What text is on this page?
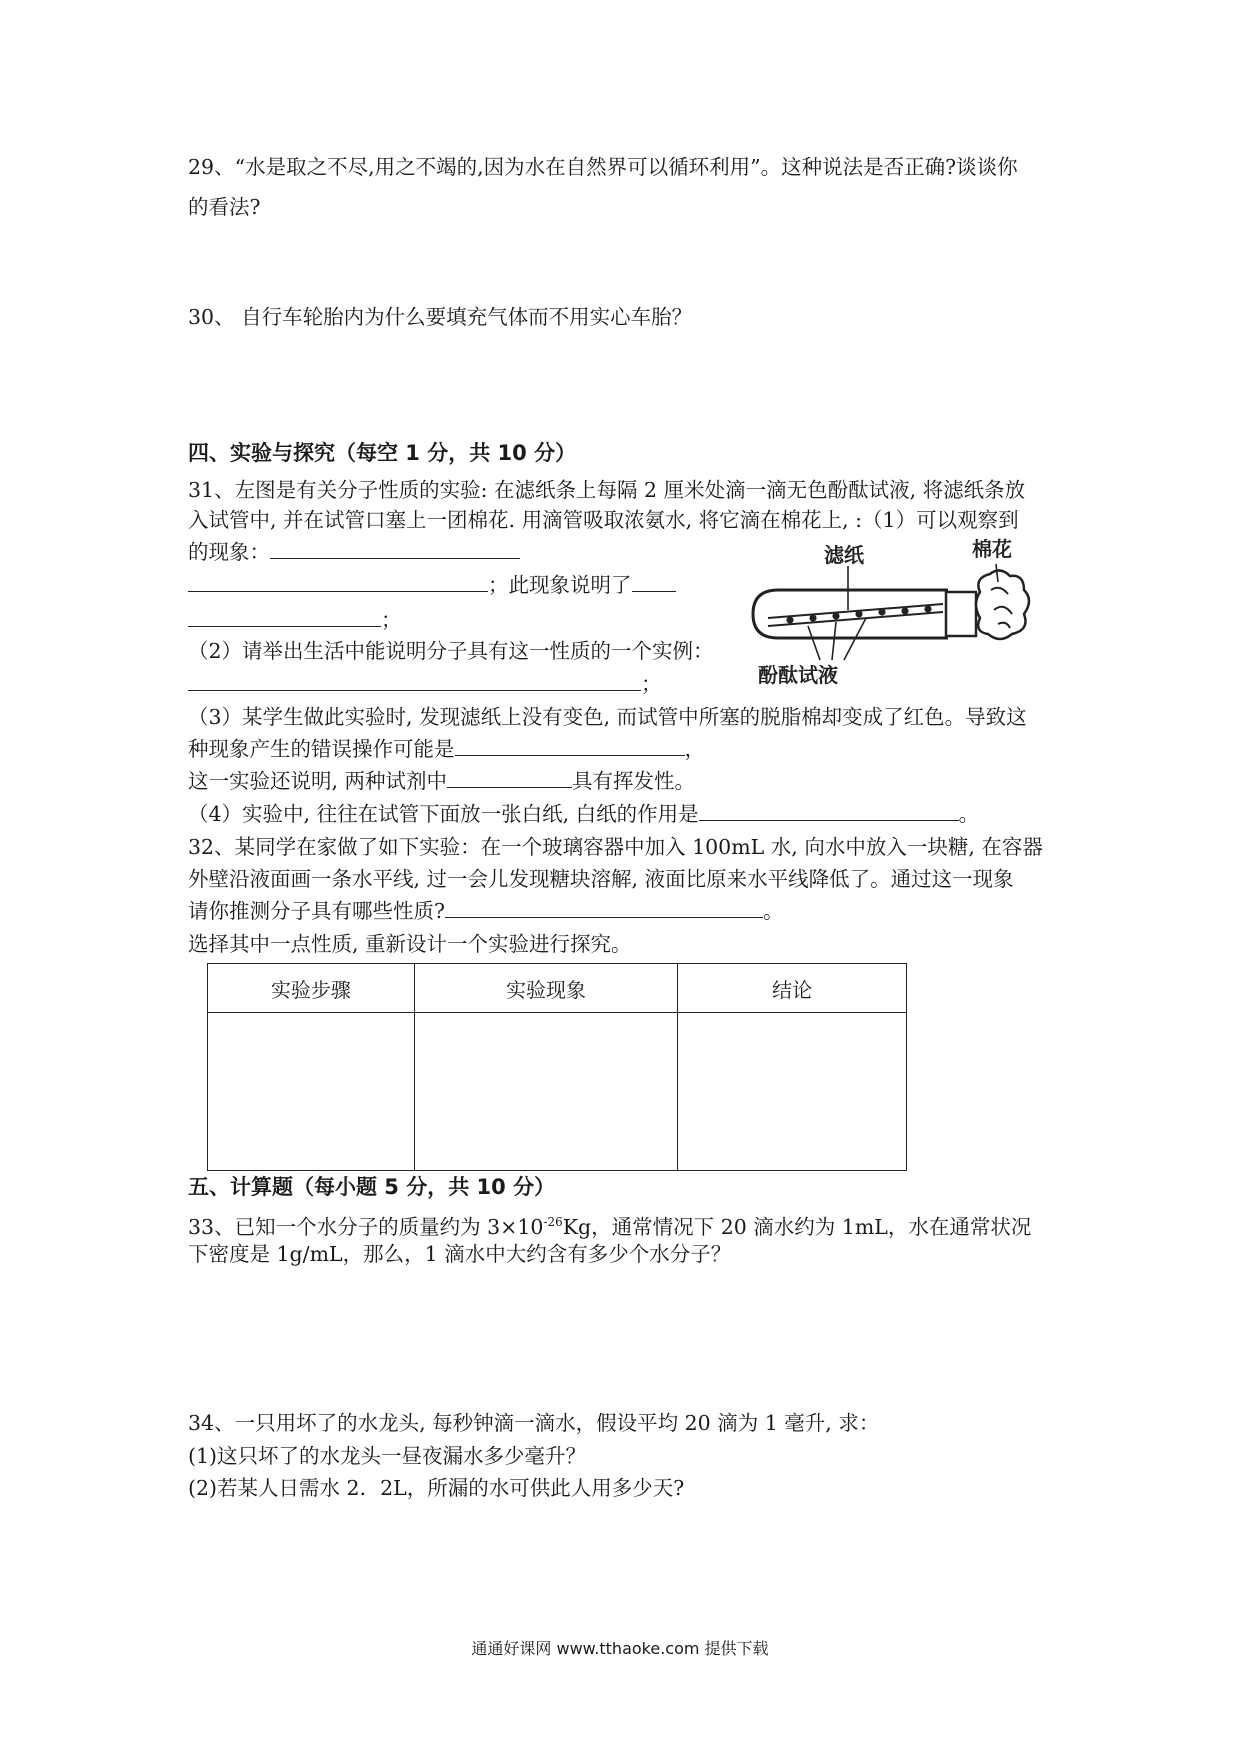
29、“水是取之不尽,用之不竭的,因为水在自然界可以循环利用”。这种说法是否正确?谈谈你
的看法?
30、 自行车轮胎内为什么要填充气体而不用实心车胎？
四、实验与探究（每空 1 分，共 10 分）
31、左图是有关分子性质的实验: 在滤纸条上每隔 2 厘米处滴一滴无色酚酞试液, 将滤纸条放
入试管中, 并在试管口塞上一团棉花. 用滴管吸取浓氨水, 将它滴在棉花上, :（1）可以观察到
的现象：
；此现象说明了
；
（2）请举出生活中能说明分子具有这一性质的一个实例：
；
（3）某学生做此实验时, 发现滤纸上没有变色, 而试管中所塞的脱脂棉却变成了红色。导致这
种现象产生的错误操作可能是	，
这一实验还说明, 两种试剂中	具有挥发性。
（4）实验中, 往往在试管下面放一张白纸, 白纸的作用是	。
滤纸	棉花
酚酞试液
32、某同学在家做了如下实验：在一个玻璃容器中加入 100mL 水, 向水中放入一块糖, 在容器
外壁沿液面画一条水平线, 过一会儿发现糖块溶解, 液面比原来水平线降低了。通过这一现象
请你推测分子具有哪些性质?	。
选择其中一点性质, 重新设计一个实验进行探究。
实验步骤	实验现象	结论

五、计算题（每小题 5 分，共 10 分）
33、已知一个水分子的质量约为 $3\times 10^{-26}Kg$，通常情况下 20 滴水约为 1mL，水在通常状况
下密度是 1g/mL，那么，1 滴水中大约含有多少个水分子？
34、一只用坏了的水龙头, 每秒钟滴一滴水，假设平均 20 滴为 1 毫升, 求：
(1)这只坏了的水龙头一昼夜漏水多少毫升？
(2)若某人日需水 2．2L，所漏的水可供此人用多少天?
通通好课网 www.tthaoke.com 提供下载
